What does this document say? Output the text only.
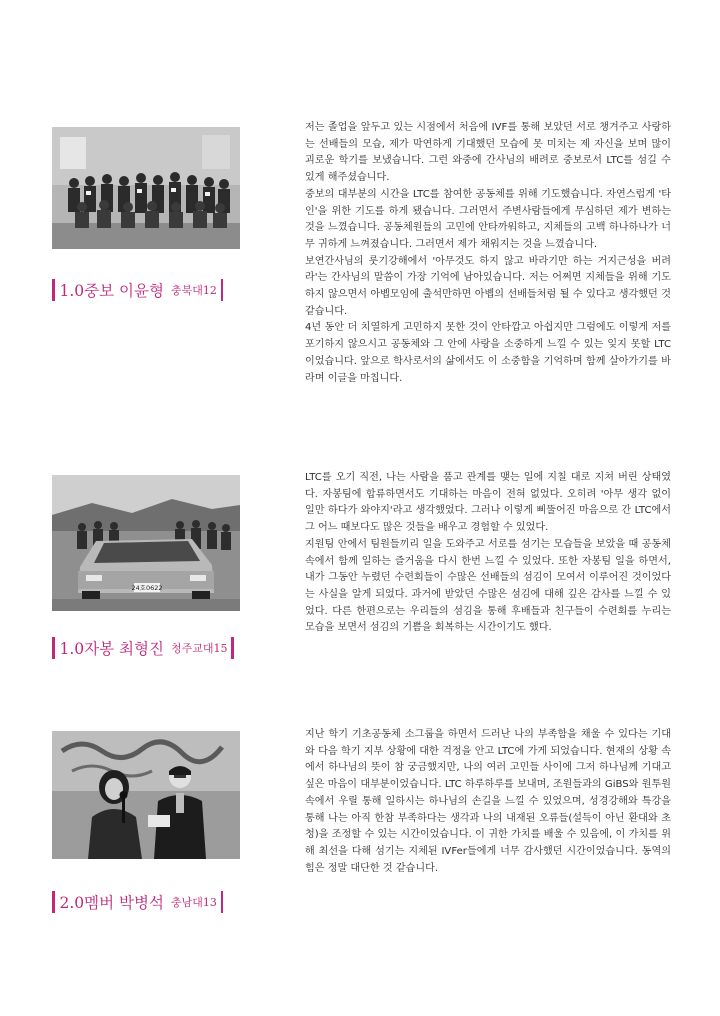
1.0중보 이윤형 충북대12

저는 졸업을 앞두고 있는 시점에서 처음에 IVF를 통해 보았던 서로 챙겨주고 사랑하는 선배들의 모습, 제가 막연하게 기대했던 모습에 못 미치는 제 자신을 보며 많이 괴로운 학기를 보냈습니다. 그런 와중에 간사님의 배려로 중보로서 LTC를 섬길 수 있게 해주셨습니다.

중보의 대부분의 시간을 LTC를 참여한 공동체를 위해 기도했습니다. 자연스럽게 '타인'을 위한 기도를 하게 됐습니다. 그러면서 주변사람들에게 무심하던 제가 변하는 것을 느꼈습니다. 공동체원들의 고민에 안타까워하고, 지체들의 고백 하나하나가 너무 귀하게 느껴졌습니다. 그러면서 제가 채워지는 것을 느꼈습니다.

보연간사님의 룻기강해에서 '아무것도 하지 않고 바라기만 하는 거지근성을 버려라'는 간사님의 말씀이 가장 기억에 남아있습니다. 저는 어쩌면 지체들을 위해 기도하지 않으면서 아볩모임에 출석만하면 아볩의 선배들처럼 될 수 있다고 생각했던 것 같습니다.

4년 동안 더 치열하게 고민하지 못한 것이 안타깝고 아쉽지만 그럼에도 이렇게 저를 포기하지 않으시고 공동체와 그 안에 사랑을 소중하게 느낄 수 있는 잊지 못할 LTC 이었습니다. 앞으로 학사로서의 삶에서도 이 소중함을 기억하며 함께 살아가기를 바라며 이글을 마칩니다.

24호0622
1.0자봉 최형진 청주교대15

LTC를 오기 직전, 나는 사람을 품고 관계를 맺는 일에 지칠 대로 지쳐 버린 상태였다. 자봉팀에 합류하면서도 기대하는 마음이 전혀 없었다. 오히려 '아무 생각 없이 일만 하다가 와야지'라고 생각했었다. 그러나 이렇게 삐뚤어진 마음으로 간 LTC에서 그 어느 때보다도 많은 것들을 배우고 경험할 수 있었다.

지원팀 안에서 팀원들끼리 일을 도와주고 서로를 섬기는 모습들을 보았을 때 공동체 속에서 함께 일하는 즐거움을 다시 한번 느낄 수 있었다. 또한 자봉팀 일을 하면서, 내가 그동안 누렸던 수련회들이 수많은 선배들의 섬김이 모여서 이루어진 것이었다는 사실을 알게 되었다. 과거에 받았던 수많은 섬김에 대해 깊은 감사를 느낄 수 있었다. 다른 한편으로는 우리들의 섬김을 통해 후배들과 친구들이 수련회를 누리는 모습을 보면서 섬김의 기쁨을 회복하는 시간이기도 했다.

2.0멤버 박병석 충남대13

지난 학기 기초공동체 소그룹을 하면서 드러난 나의 부족함을 채울 수 있다는 기대와 다음 학기 지부 상황에 대한 걱정을 안고 LTC에 가게 되었습니다. 현재의 상황 속에서 하나님의 뜻이 참 궁금했지만, 나의 여러 고민들 사이에 그저 하나님께 기대고 싶은 마음이 대부분이었습니다. LTC 하루하루를 보내며, 조원들과의 GiBS와 원투원 속에서 우릴 통해 일하시는 하나님의 손길을 느낄 수 있었으며, 성경강해와 특강을 통해 나는 아직 한참 부족하다는 생각과 나의 내재된 오류들(설득이 아닌 환대와 초청)을 조정할 수 있는 시간이었습니다. 이 귀한 가치를 배울 수 있음에, 이 가치를 위해 최선을 다해 섬기는 지체된 IVFer들에게 너무 감사했던 시간이었습니다. 동역의 힘은 정말 대단한 것 같습니다.
